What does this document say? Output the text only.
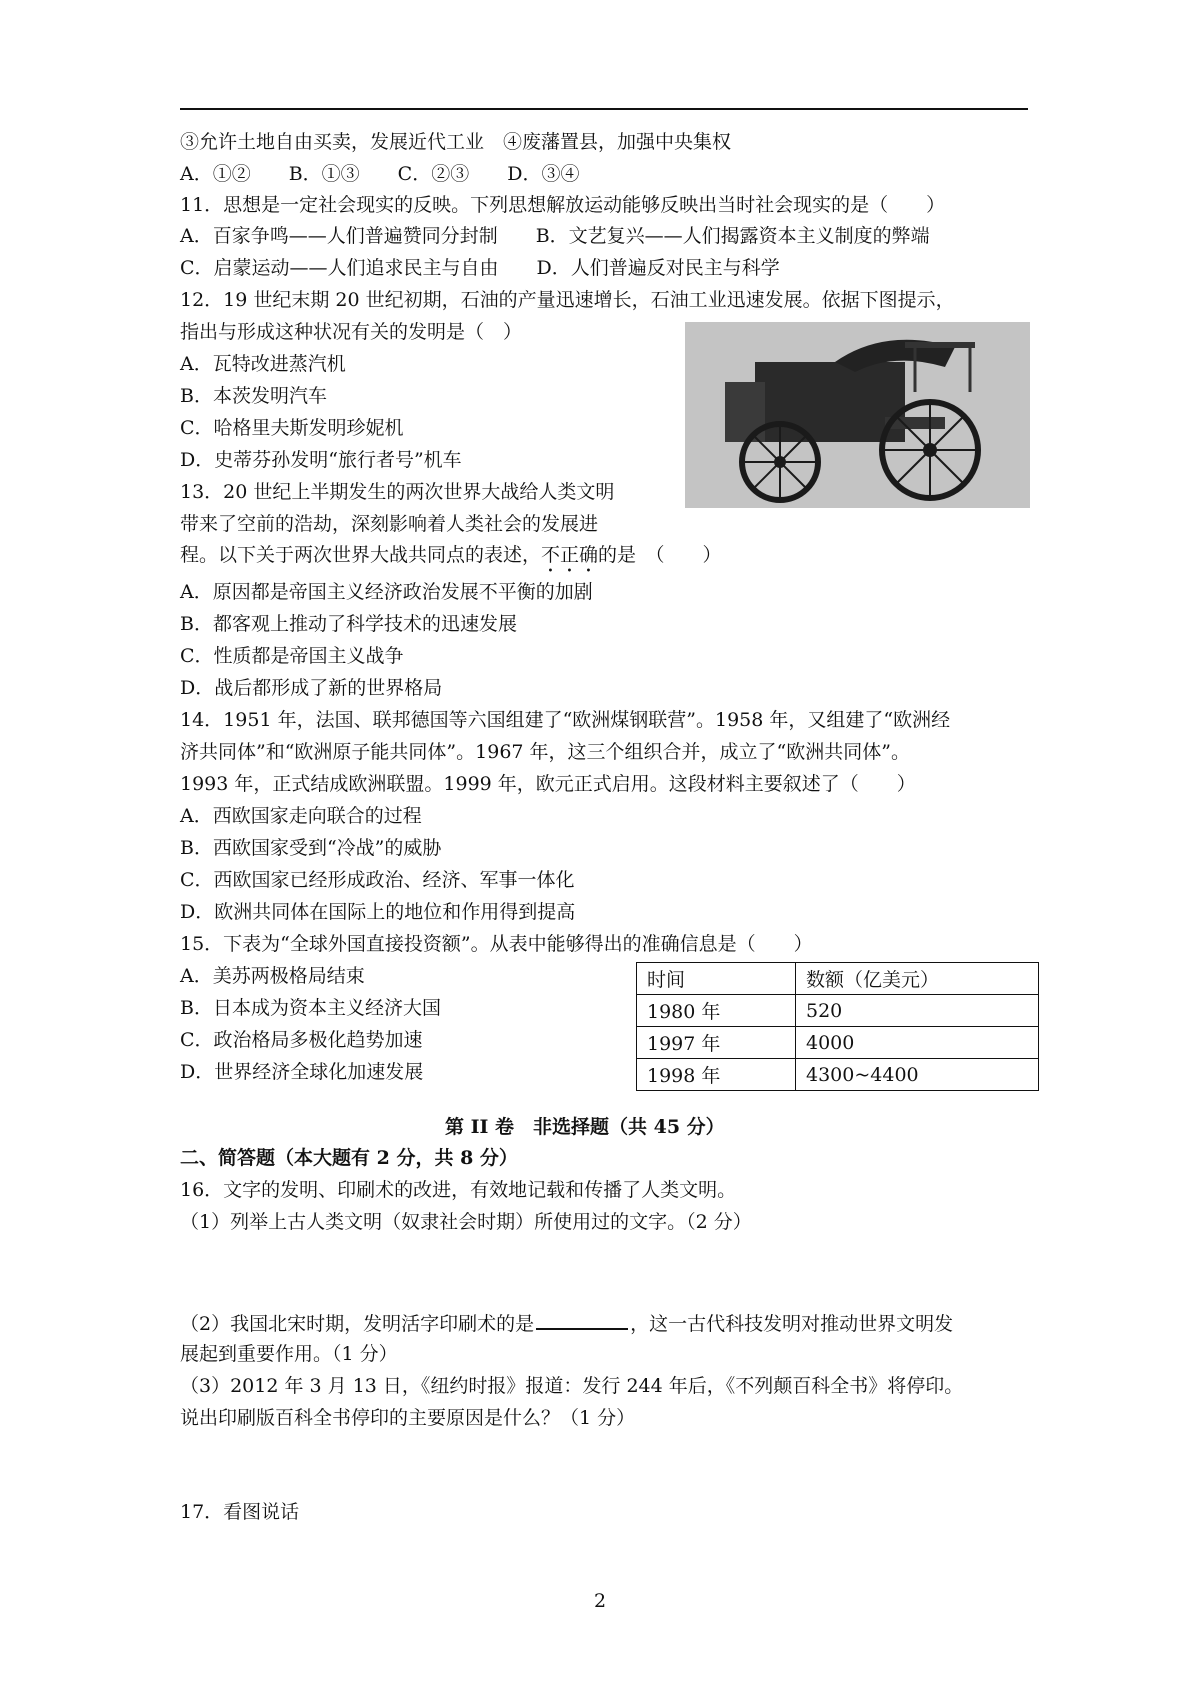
③允许土地自由买卖，发展近代工业　④废藩置县，加强中央集权
A．①②　　B．①③　　C．②③　　D．③④
11．思想是一定社会现实的反映。下列思想解放运动能够反映出当时社会现实的是（　　）
A．百家争鸣——人们普遍赞同分封制　　B．文艺复兴——人们揭露资本主义制度的弊端
C．启蒙运动——人们追求民主与自由　　D．人们普遍反对民主与科学
12．19 世纪末期 20 世纪初期，石油的产量迅速增长，石油工业迅速发展。依据下图提示，
指出与形成这种状况有关的发明是（　）
A．瓦特改进蒸汽机
B．本茨发明汽车
C．哈格里夫斯发明珍妮机
D．史蒂芬孙发明“旅行者号”机车
13．20 世纪上半期发生的两次世界大战给人类文明
带来了空前的浩劫，深刻影响着人类社会的发展进
程。以下关于两次世界大战共同点的表述，不正确的是　（　　）
A．原因都是帝国主义经济政治发展不平衡的加剧
B．都客观上推动了科学技术的迅速发展
C．性质都是帝国主义战争
D．战后都形成了新的世界格局
14．1951 年，法国、联邦德国等六国组建了“欧洲煤钢联营”。1958 年，又组建了“欧洲经
济共同体”和“欧洲原子能共同体”。1967 年，这三个组织合并，成立了“欧洲共同体”。
1993 年，正式结成欧洲联盟。1999 年，欧元正式启用。这段材料主要叙述了（　　）
A．西欧国家走向联合的过程
B．西欧国家受到“冷战”的威胁
C．西欧国家已经形成政治、经济、军事一体化
D．欧洲共同体在国际上的地位和作用得到提高
15．下表为“全球外国直接投资额”。从表中能够得出的准确信息是（　　）
A．美苏两极格局结束
B．日本成为资本主义经济大国
C．政治格局多极化趋势加速
D．世界经济全球化加速发展
时间	数额（亿美元）
1980 年	520
1997 年	4000
1998 年	4300~4400
第 II 卷　非选择题（共 45 分）
二、简答题（本大题有 2 分，共 8 分）
16．文字的发明、印刷术的改进，有效地记载和传播了人类文明。
（1）列举上古人类文明（奴隶社会时期）所使用过的文字。（2 分）
（2）我国北宋时期，发明活字印刷术的是	，这一古代科技发明对推动世界文明发
展起到重要作用。（1 分）
（3）2012 年 3 月 13 日，《纽约时报》报道：发行 244 年后，《不列颠百科全书》将停印。
说出印刷版百科全书停印的主要原因是什么？（1 分）
17．看图说话
2
